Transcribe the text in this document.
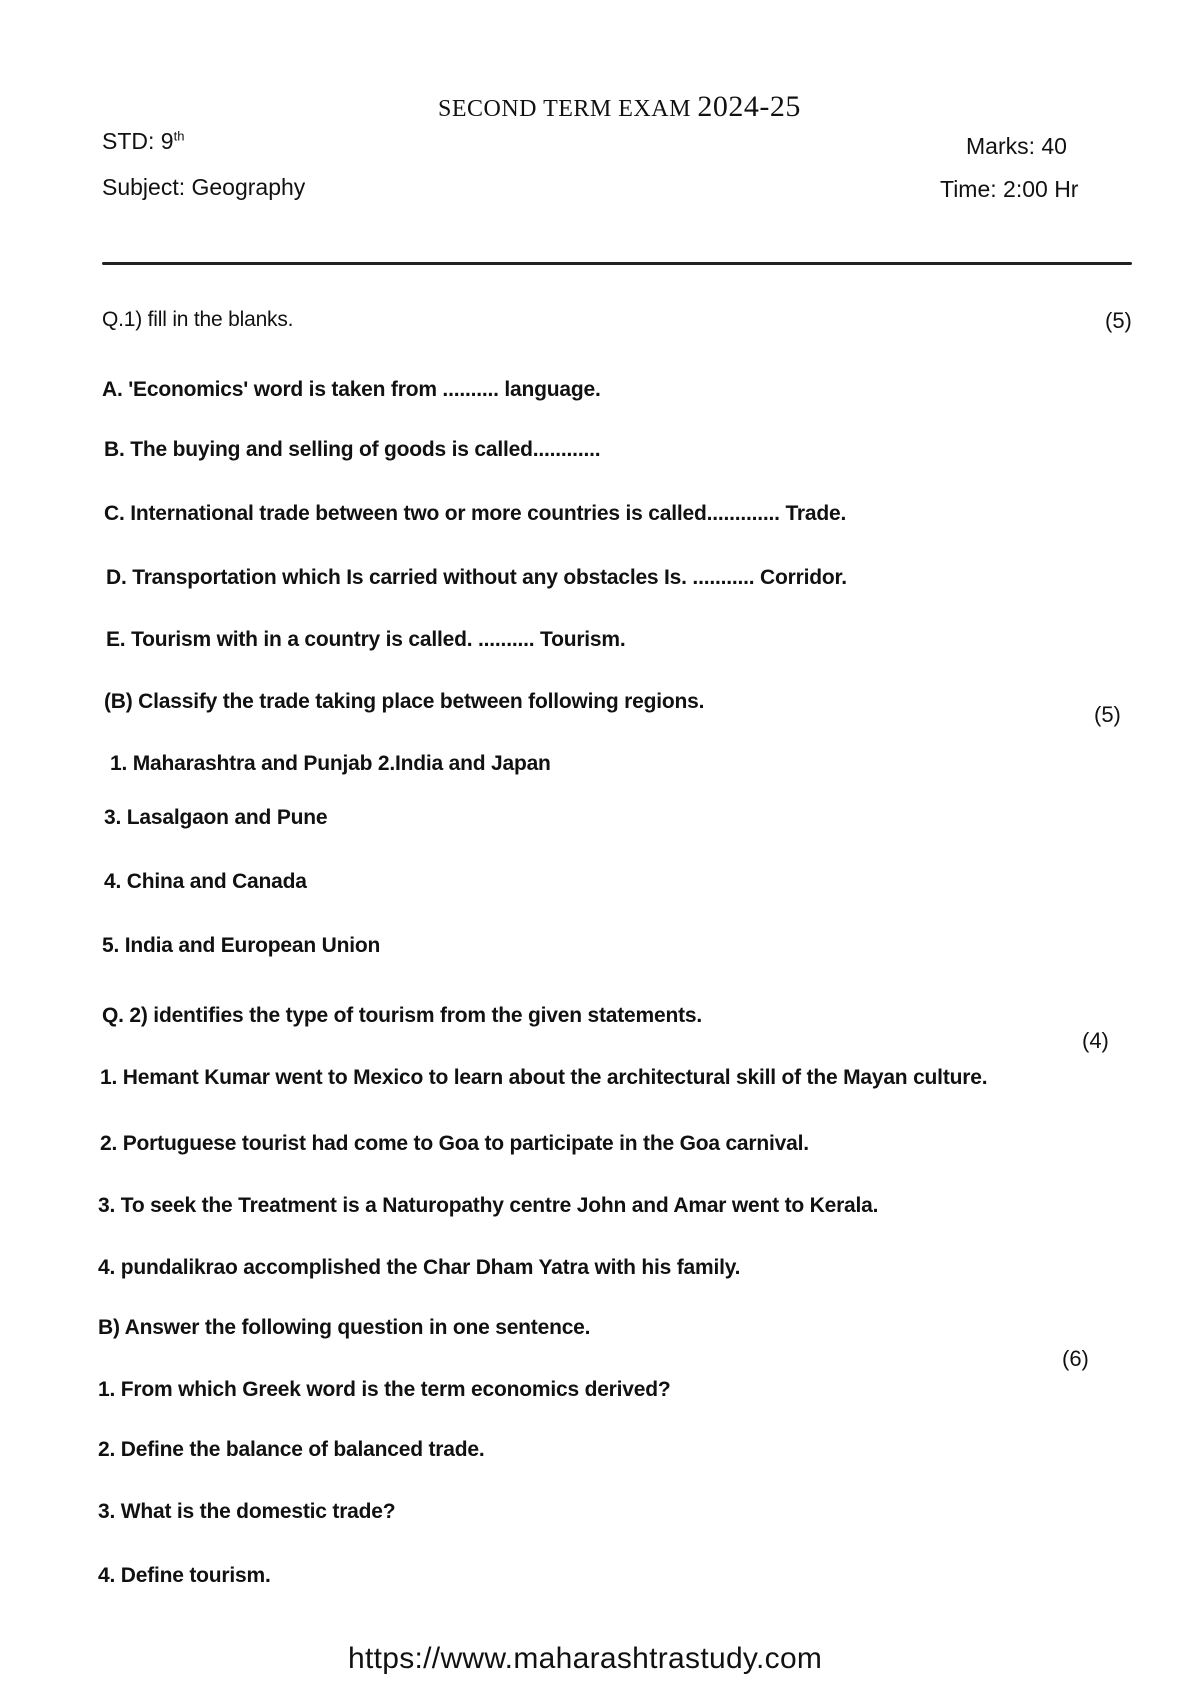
SECOND TERM EXAM 2024-25
STD: 9th
Subject: Geography
Marks: 40
Time: 2:00 Hr
Q.1) fill in the blanks.	(5)
A. 'Economics' word is taken from .......... language.
B. The buying and selling of goods is called............
C. International trade between two or more countries is called............. Trade.
D. Transportation which Is carried without any obstacles Is. ........... Corridor.
E. Tourism with in a country is called. .......... Tourism.
(B) Classify the trade taking place between following regions.
(5)
1. Maharashtra and Punjab 2.India and Japan
3. Lasalgaon and Pune
4. China and Canada
5. India and European Union
Q. 2) identifies the type of tourism from the given statements.
(4)
1. Hemant Kumar went to Mexico to learn about the architectural skill of the Mayan culture.
2. Portuguese tourist had come to Goa to participate in the Goa carnival.
3. To seek the Treatment is a Naturopathy centre John and Amar went to Kerala.
4. pundalikrao accomplished the Char Dham Yatra with his family.
B) Answer the following question in one sentence.
(6)
1. From which Greek word is the term economics derived?
2. Define the balance of balanced trade.
3. What is the domestic trade?
4. Define tourism.
https://www.maharashtrastudy.com
